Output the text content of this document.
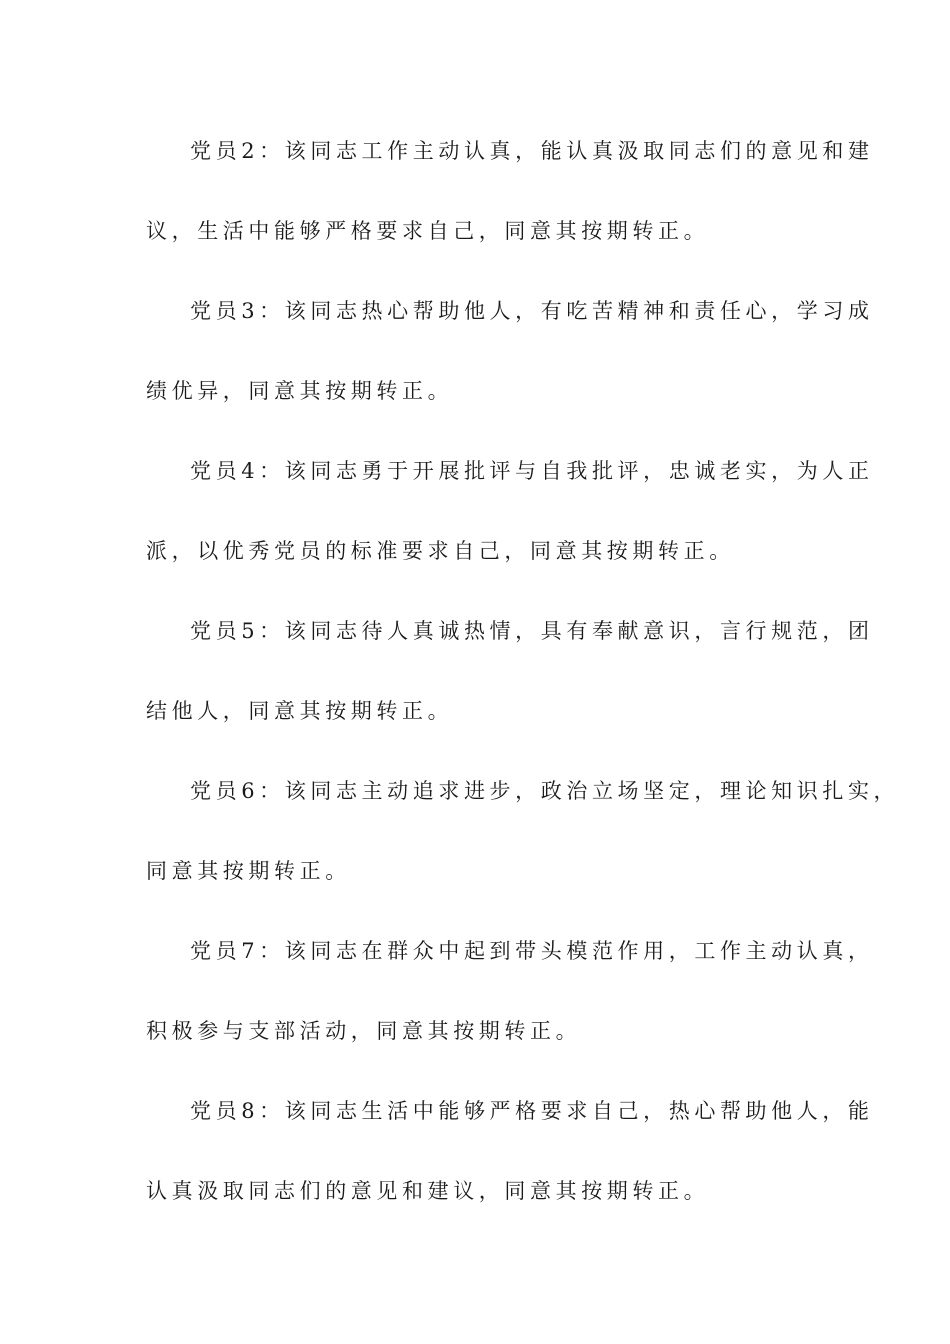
党员2：该同志工作主动认真，能认真汲取同志们的意见和建
议，生活中能够严格要求自己，同意其按期转正。

党员3：该同志热心帮助他人，有吃苦精神和责任心，学习成
绩优异，同意其按期转正。

党员4：该同志勇于开展批评与自我批评，忠诚老实，为人正
派，以优秀党员的标准要求自己，同意其按期转正。

党员5：该同志待人真诚热情，具有奉献意识，言行规范，团
结他人，同意其按期转正。

党员6：该同志主动追求进步，政治立场坚定，理论知识扎实，
同意其按期转正。

党员7：该同志在群众中起到带头模范作用，工作主动认真，
积极参与支部活动，同意其按期转正。

党员8：该同志生活中能够严格要求自己，热心帮助他人，能
认真汲取同志们的意见和建议，同意其按期转正。
